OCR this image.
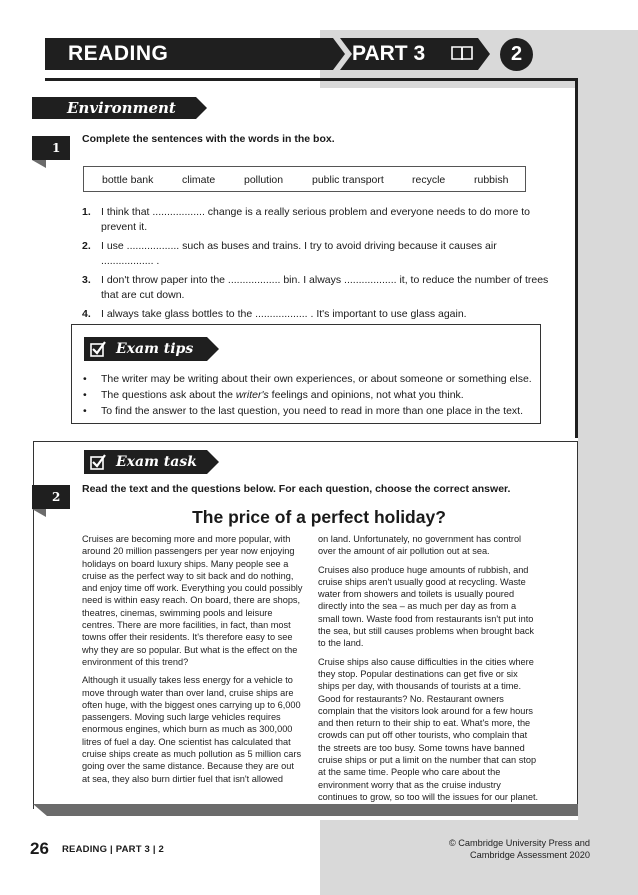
READING	PART 3	2
Environment
1
Complete the sentences with the words in the box.
bottle bank	climate	pollution	public transport	recycle	rubbish
1. I think that .................. change is a really serious problem and everyone needs to do more to prevent it.
2. I use .................. such as buses and trains. I try to avoid driving because it causes air .................. .
3. I don't throw paper into the .................. bin. I always .................. it, to reduce the number of trees that are cut down.
4. I always take glass bottles to the .................. . It's important to use glass again.
Exam tips
•	The writer may be writing about their own experiences, or about someone or something else.
•	The questions ask about the writer's feelings and opinions, not what you think.
•	To find the answer to the last question, you need to read in more than one place in the text.
Exam task
2
Read the text and the questions below. For each question, choose the correct answer.
The price of a perfect holiday?

Cruises are becoming more and more popular, with around 20 million passengers per year now enjoying holidays on board luxury ships. Many people see a cruise as the perfect way to sit back and do nothing, and enjoy time off work. Everything you could possibly need is within easy reach. On board, there are shops, theatres, cinemas, swimming pools and leisure centres. There are more facilities, in fact, than most towns offer their residents. It's therefore easy to see why they are so popular. But what is the effect on the environment of this trend?

Although it usually takes less energy for a vehicle to move through water than over land, cruise ships are often huge, with the biggest ones carrying up to 6,000 passengers. Moving such large vehicles requires enormous engines, which burn as much as 300,000 litres of fuel a day. One scientist has calculated that cruise ships create as much pollution as 5 million cars going over the same distance. Because they are out at sea, they also burn dirtier fuel that isn't allowed

on land. Unfortunately, no government has control over the amount of air pollution out at sea.

Cruises also produce huge amounts of rubbish, and cruise ships aren't usually good at recycling. Waste water from showers and toilets is usually poured directly into the sea – as much per day as from a small town. Waste food from restaurants isn't put into the sea, but still causes problems when brought back to the land.

Cruise ships also cause difficulties in the cities where they stop. Popular destinations can get five or six ships per day, with thousands of tourists at a time. Good for restaurants? No. Restaurant owners complain that the visitors look around for a few hours and then return to their ship to eat. What's more, the crowds can put off other tourists, who complain that the streets are too busy. Some towns have banned cruise ships or put a limit on the number that can stop at the same time. People who care about the environment worry that as the cruise industry continues to grow, so too will the issues for our planet.

26 READING | PART 3 | 2
© Cambridge University Press and
Cambridge Assessment 2020
